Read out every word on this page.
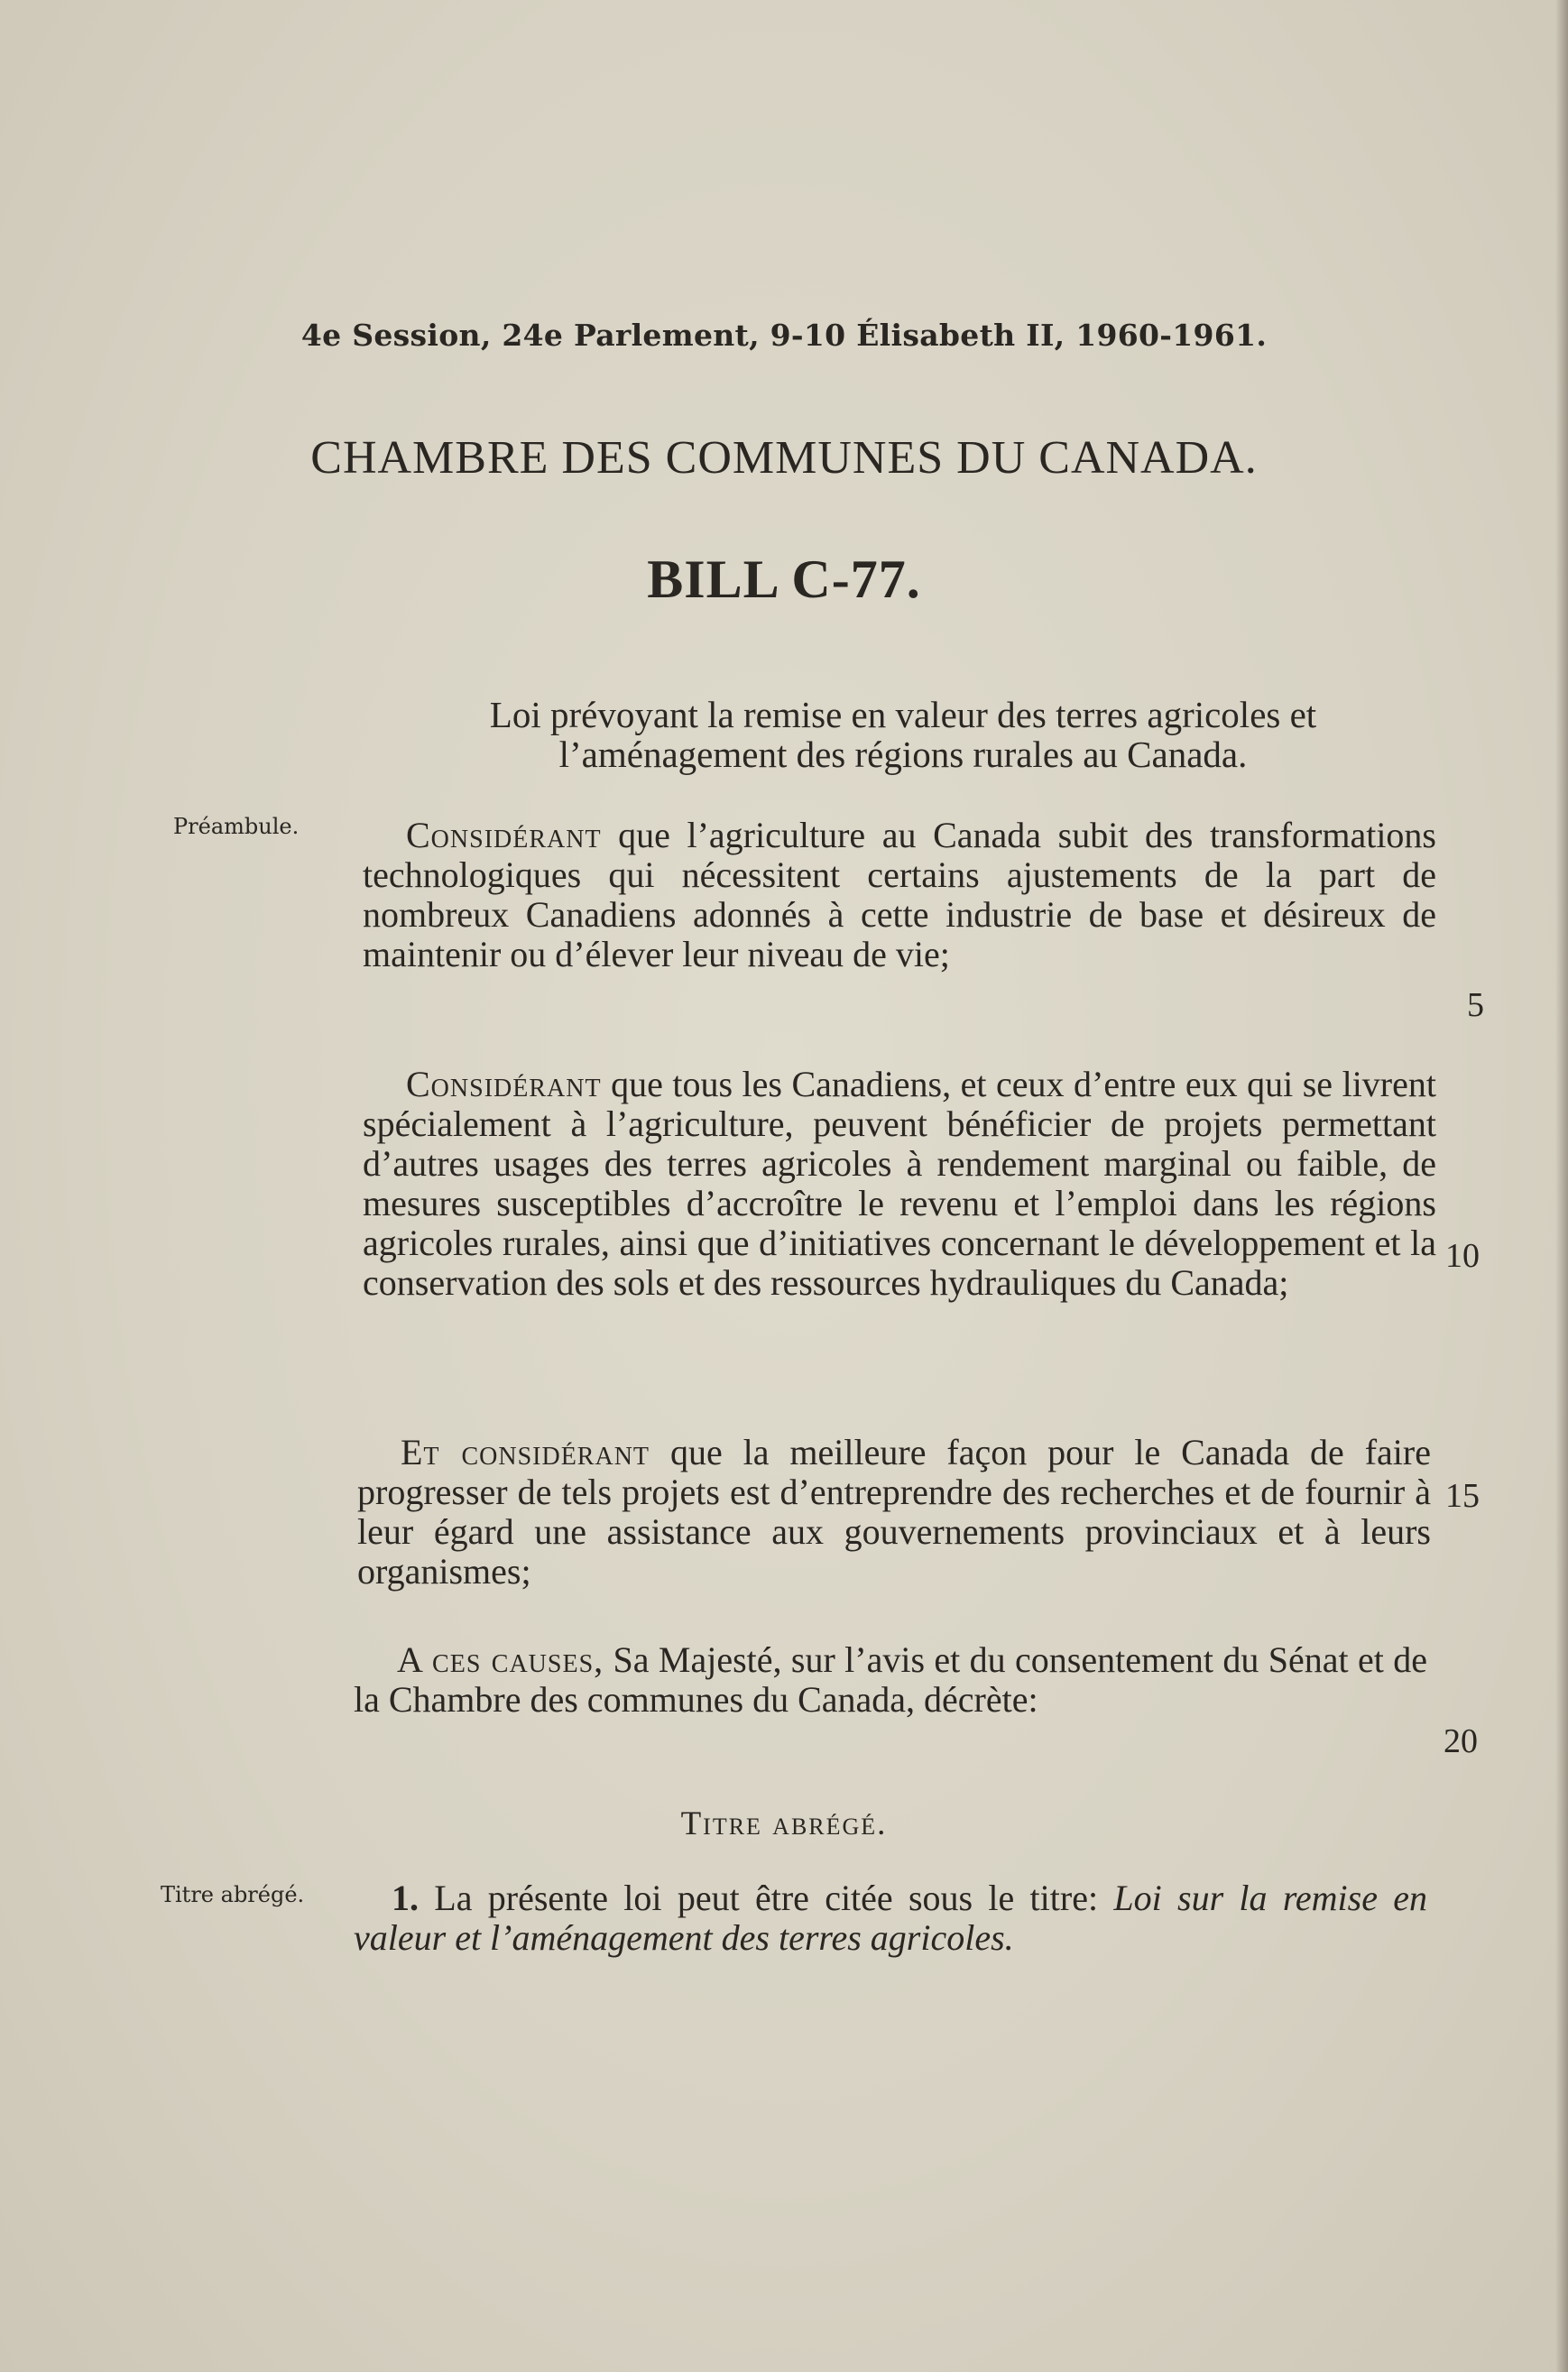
4e Session, 24e Parlement, 9-10 Élisabeth II, 1960-1961.
CHAMBRE DES COMMUNES DU CANADA.
BILL C-77.
Loi prévoyant la remise en valeur des terres agricoles et
l’aménagement des régions rurales au Canada.
Préambule.
Titre abrégé.
5
10
15
20
Considérant que l’agriculture au Canada subit des transformations technologiques qui nécessitent certains ajustements de la part de nombreux Canadiens adonnés à cette industrie de base et désireux de maintenir ou d’élever leur niveau de vie;
Considérant que tous les Canadiens, et ceux d’entre eux qui se livrent spécialement à l’agriculture, peuvent bénéficier de projets permettant d’autres usages des terres agricoles à rendement marginal ou faible, de mesures susceptibles d’accroître le revenu et l’emploi dans les régions agricoles rurales, ainsi que d’initiatives concernant le développement et la conservation des sols et des ressources hydrauliques du Canada;
Et considérant que la meilleure façon pour le Canada de faire progresser de tels projets est d’entreprendre des recherches et de fournir à leur égard une assistance aux gouvernements provinciaux et à leurs organismes;
A ces causes, Sa Majesté, sur l’avis et du consentement du Sénat et de la Chambre des communes du Canada, décrète:
Titre abrégé.
1. La présente loi peut être citée sous le titre: Loi sur la remise en valeur et l’aménagement des terres agricoles.
